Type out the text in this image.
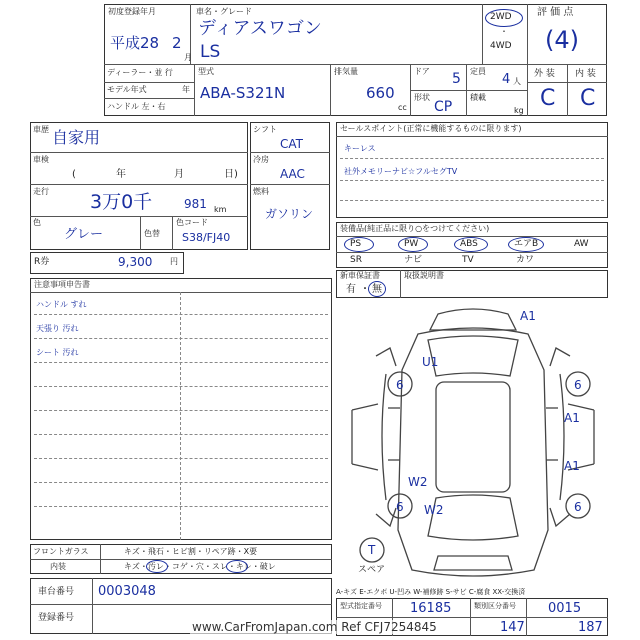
初度登録年月
平成28 2
月
車名・グレード
ディアスワゴン
LS
2WD
・
4WD
評 価 点
(4)
ディーラー・並 行
モデル年式	年
ハンドル 左・右
型式
ABA-S321N
排気量
660
cc
ドア 5 定員
4 人
形状
CP
積載
kg
外 装 内 装
C C
車歴 自家用
車検
(	年	月	日)
走行 3万0千	981 km
色
グレー	色替
色コード
S38/FJ40
シフト
CAT
冷房
AAC
燃料
ガソリン
R券	9,300 円
セールスポイント(正常に機能するものに限ります)
キーレス
社外メモリーナビ☆フルセグTV
装備品(純正品に限り○をつけてください)
PS	PW	ABS	エアB	AW
SR	ナビ	TV	カワ
新車保証書	取扱説明書
有 ・ 無
注意事項申告書
ハンドル すれ
天張り 汚れ
シート 汚れ
A1
U1
6	6
A1
A1
W2
W2
6	6
T
スペア
フロントガラス	キズ・飛石・ヒビ割・リペア跡・X要
内装	キズ・汚レ・コゲ・穴・スレ・キレ・破レ
車台番号 0003048
登録番号
A-キズ E-エクボ U-凹み W-補修跡 S-サビ C-腐食 XX-交換済
型式指定番号 16185	類別区分番号 0015
147	187
www.CarFromJapan.com Ref CFJ7254845
